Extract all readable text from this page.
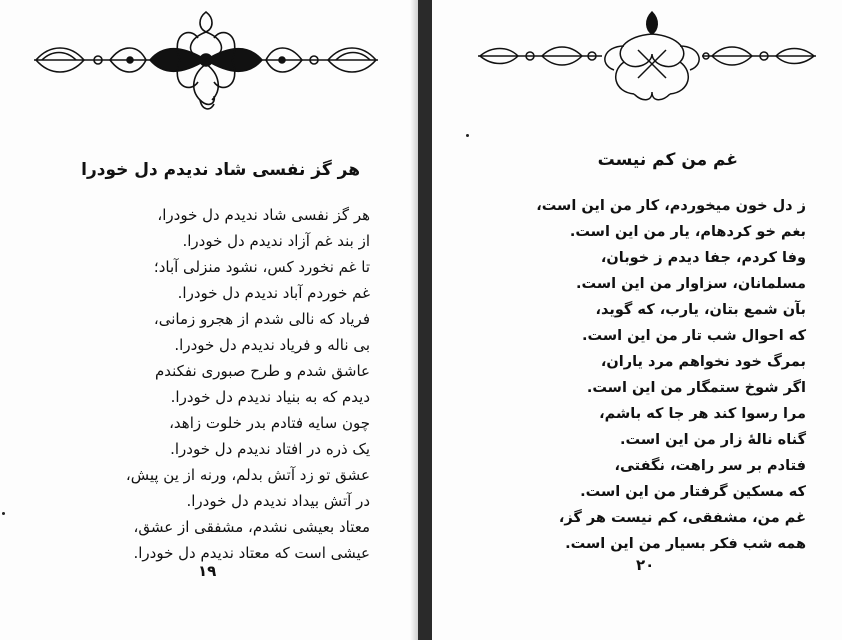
هر گز نفسی شاد ندیدم دل خودرا
هر گز نفسی شاد ندیدم دل خودرا،
از بند غم آزاد ندیدم دل خودرا.
تا غم نخورد کس، نشود منزلی آباد؛
غم خوردم آباد ندیدم دل خودرا.
فریاد که نالی شدم از هجرو زمانی،
بی ناله و فریاد ندیدم دل خودرا.
عاشق شدم و طرح صبوری نفکندم
دیدم که به بنیاد ندیدم دل خودرا.
چون سایه فتادم بدر خلوت زاهد،
یک ذره در افتاد ندیدم دل خودرا.
عشق تو زد آتش بدلم، ورنه از ین پیش،
در آتش بیداد ندیدم دل خودرا.
معتاد بعیشی نشدم، مشفقی از عشق،
عیشی است که معتاد ندیدم دل خودرا.
۱۹
غم من کم نیست
ز دل خون میخوردم، کار من این است،
بغم خو کردهام، یار من این است.
وفا کردم، جفا دیدم ز خوبان،
مسلمانان، سزاوار من این است.
بآن شمع بتان، یارب، که گوید،
که احوال شب تار من این است.
بمرگ خود نخواهم مرد یاران،
اگر شوخ ستمگار من این است.
مرا رسوا کند هر جا که باشم،
گناه نالهٔ زار من این است.
فتادم بر سر راهت، نگفتی،
که مسکین گرفتار من این است.
غم من، مشفقی، کم نیست هر گز،
همه شب فکر بسیار من این است.
۲۰
